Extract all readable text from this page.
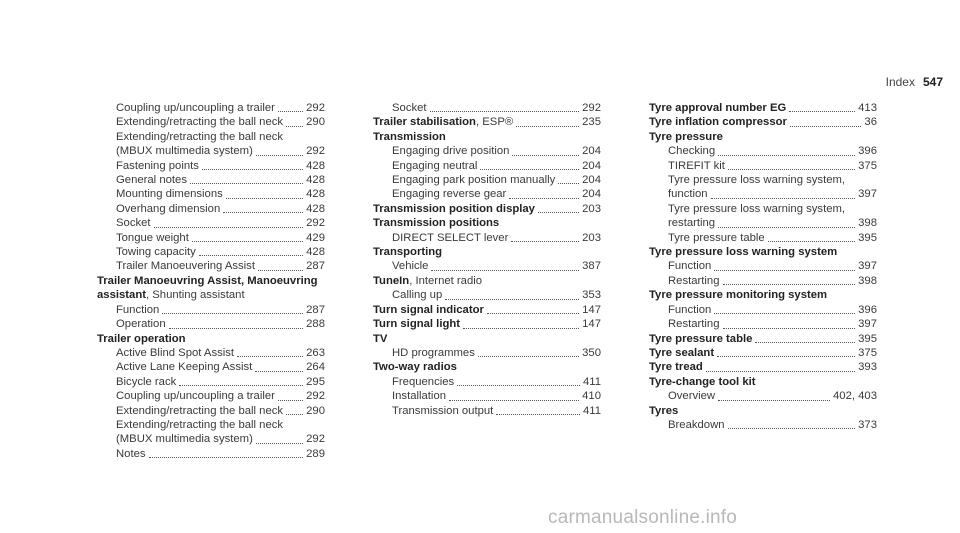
Index 547
Coupling up/uncoupling a trailer	292
Extending/retracting the ball neck 290
Extending/retracting the ball neck
(MBUX multimedia system)	292
Fastening points	428
General notes	428
Mounting dimensions	428
Overhang dimension	428
Socket	292
Tongue weight	429
Towing capacity	428
Trailer Manoeuvering Assist	287
Trailer Manoeuvring Assist, Manoeuvring
assistant, Shunting assistant
Function	287
Operation	288
Trailer operation
Active Blind Spot Assist	263
Active Lane Keeping Assist	264
Bicycle rack	295
Coupling up/uncoupling a trailer	292
Extending/retracting the ball neck 290
Extending/retracting the ball neck
(MBUX multimedia system)	292
Notes	289
Socket	292
Trailer stabilisation, ESP®	235
Transmission
Engaging drive position	204
Engaging neutral	204
Engaging park position manually 204
Engaging reverse gear	204
Transmission position display	203
Transmission positions
DIRECT SELECT lever	203
Transporting
Vehicle	387
TuneIn, Internet radio
Calling up	353
Turn signal indicator	147
Turn signal light	147
TV
HD programmes	350
Two-way radios
Frequencies	411
Installation	410
Transmission output	411
Tyre approval number EG	413
Tyre inflation compressor	36
Tyre pressure
Checking	396
TIREFIT kit	375
Tyre pressure loss warning system,
function	397
Tyre pressure loss warning system,
restarting	398
Tyre pressure table	395
Tyre pressure loss warning system
Function	397
Restarting	398
Tyre pressure monitoring system
Function	396
Restarting	397
Tyre pressure table	395
Tyre sealant	375
Tyre tread	393
Tyre-change tool kit
Overview	402, 403
Tyres
Breakdown	373
carmanualsonline.info
